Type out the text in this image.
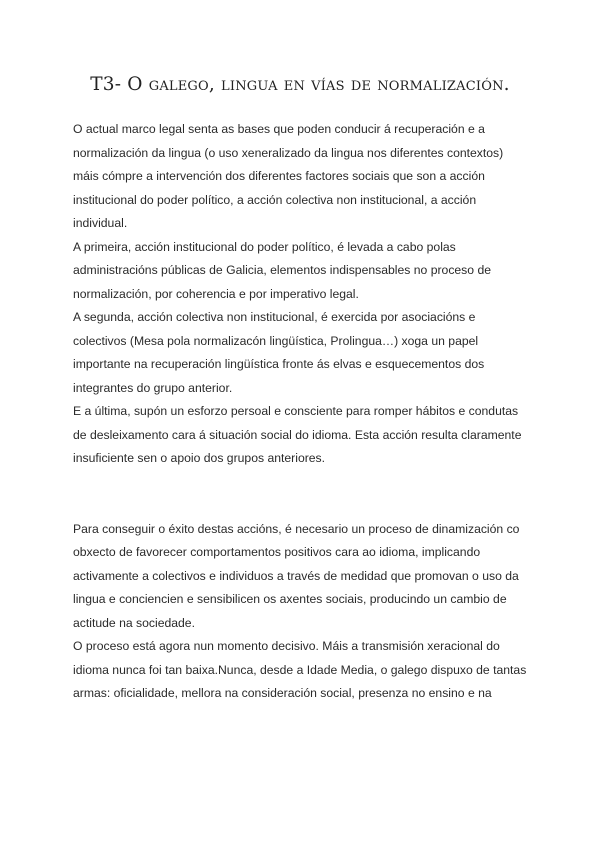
T3- O galego, lingua en vías de normalización.
O actual marco legal senta as bases que poden conducir á recuperación e a
normalización da lingua (o uso xeneralizado da lingua nos diferentes contextos)
máis cómpre a intervención dos diferentes factores sociais que son a acción
institucional do poder político, a acción colectiva non institucional, a acción
individual.
A primeira, acción institucional do poder político, é levada a cabo polas
administracións públicas de Galicia, elementos indispensables no proceso de
normalización, por coherencia e por imperativo legal.
A segunda, acción colectiva non institucional, é exercida por asociacións e
colectivos (Mesa pola normalizacón lingüística, Prolingua…) xoga un papel
importante na recuperación lingüística fronte ás elvas e esquecementos dos
integrantes do grupo anterior.
E a última, supón un esforzo persoal e consciente para romper hábitos e condutas
de desleixamento cara á situación social do idioma. Esta acción resulta claramente
insuficiente sen o apoio dos grupos anteriores.
Para conseguir o éxito destas accións, é necesario un proceso de dinamización co
obxecto de favorecer comportamentos positivos cara ao idioma, implicando
activamente a colectivos e individuos a través de medidad que promovan o uso da
lingua e conciencien e sensibilicen os axentes sociais, producindo un cambio de
actitude na sociedade.
O proceso está agora nun momento decisivo. Máis a transmisión xeracional do
idioma nunca foi tan baixa.Nunca, desde a Idade Media, o galego dispuxo de tantas
armas: oficialidade, mellora na consideración social, presenza no ensino e na
